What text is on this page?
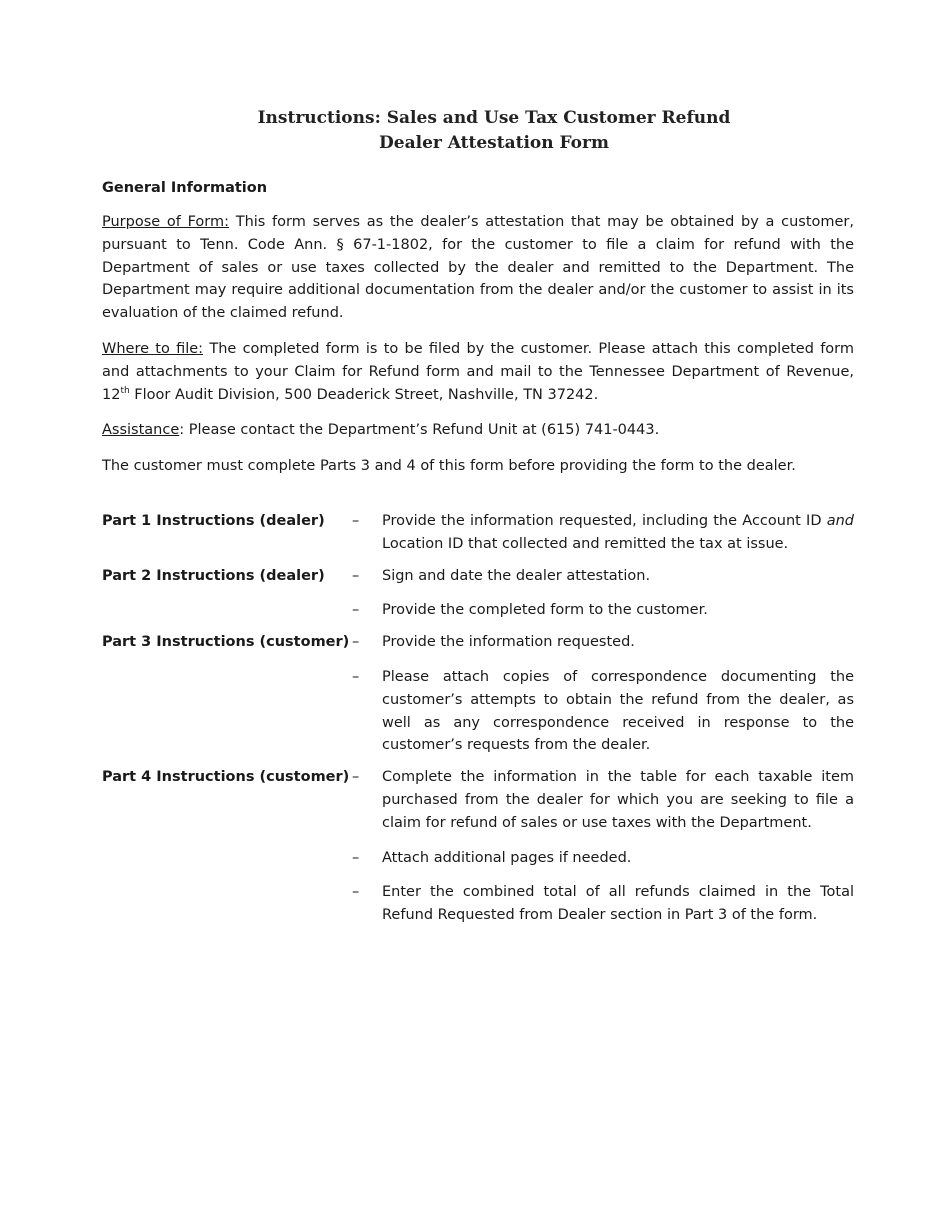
Instructions: Sales and Use Tax Customer Refund
Dealer Attestation Form
General Information

Purpose of Form: This form serves as the dealer’s attestation that may be obtained by a customer, pursuant to Tenn. Code Ann. § 67-1-1802, for the customer to file a claim for refund with the Department of sales or use taxes collected by the dealer and remitted to the Department. The Department may require additional documentation from the dealer and/or the customer to assist in its evaluation of the claimed refund.

Where to file: The completed form is to be filed by the customer. Please attach this completed form and attachments to your Claim for Refund form and mail to the Tennessee Department of Revenue, 12th Floor Audit Division, 500 Deaderick Street, Nashville, TN 37242.

Assistance: Please contact the Department’s Refund Unit at (615) 741-0443.

The customer must complete Parts 3 and 4 of this form before providing the form to the dealer.

Part 1 Instructions (dealer)	–	Provide the information requested, including the Account ID and Location ID that collected and remitted the tax at issue.
Part 2 Instructions (dealer)	–	Sign and date the dealer attestation.
–	Provide the completed form to the customer.
Part 3 Instructions (customer) –	Provide the information requested.
–	Please attach copies of correspondence documenting the customer’s attempts to obtain the refund from the dealer, as well as any correspondence received in response to the customer’s requests from the dealer.
Part 4 Instructions (customer) –	Complete the information in the table for each taxable item purchased from the dealer for which you are seeking to file a claim for refund of sales or use taxes with the Department.
–	Attach additional pages if needed.
–	Enter the combined total of all refunds claimed in the Total Refund Requested from Dealer section in Part 3 of the form.
